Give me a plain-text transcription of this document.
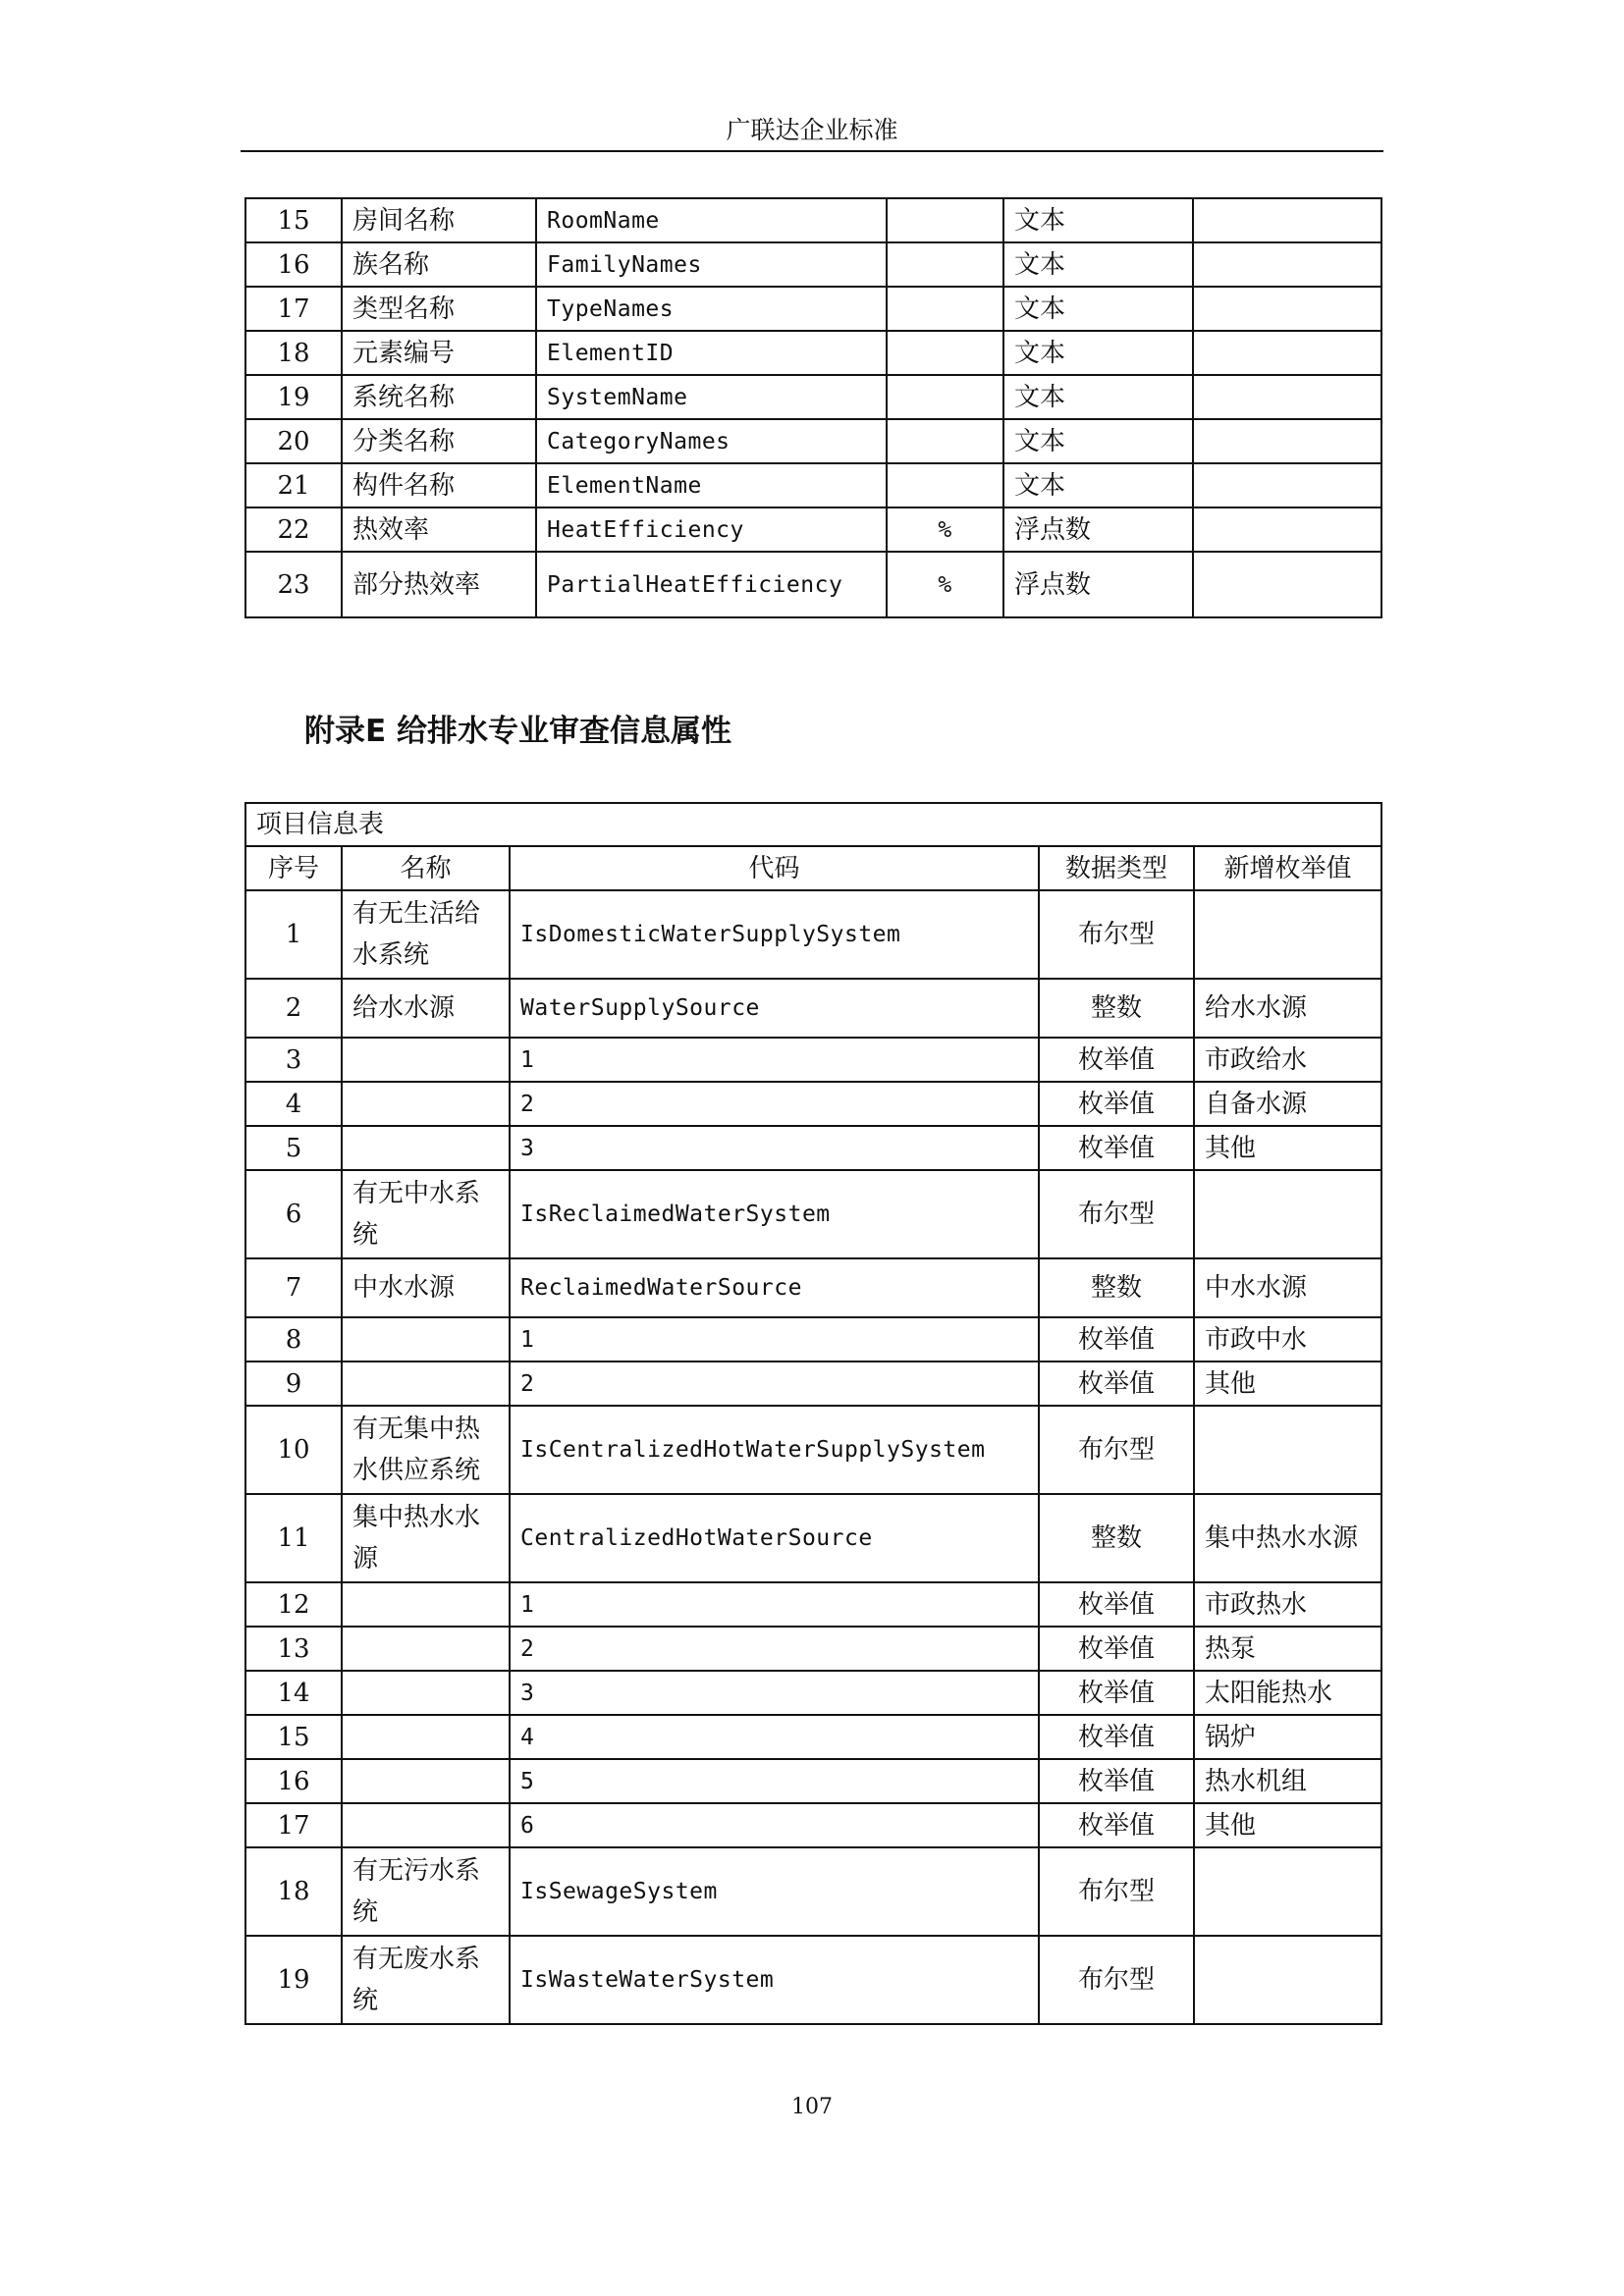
广联达企业标准
15	房间名称	RoomName		文本	
16	族名称	FamilyNames		文本	
17	类型名称	TypeNames		文本	
18	元素编号	ElementID		文本	
19	系统名称	SystemName		文本	
20	分类名称	CategoryNames		文本	
21	构件名称	ElementName		文本	
22	热效率	HeatEfficiency	%	浮点数	
23	部分热效率	PartialHeatEfficiency	%	浮点数	
附录E 给排水专业审查信息属性
项目信息表				
序号	名称	代码	数据类型	新增枚举值
1	有无生活给水系统	IsDomesticWaterSupplySystem	布尔型	
2	给水水源	WaterSupplySource	整数	给水水源
3		1	枚举值	市政给水
4		2	枚举值	自备水源
5		3	枚举值	其他
6	有无中水系统	IsReclaimedWaterSystem	布尔型	
7	中水水源	ReclaimedWaterSource	整数	中水水源
8		1	枚举值	市政中水
9		2	枚举值	其他
10	有无集中热水供应系统	IsCentralizedHotWaterSupplySystem	布尔型	
11	集中热水水源	CentralizedHotWaterSource	整数	集中热水水源
12		1	枚举值	市政热水
13		2	枚举值	热泵
14		3	枚举值	太阳能热水
15		4	枚举值	锅炉
16		5	枚举值	热水机组
17		6	枚举值	其他
18	有无污水系统	IsSewageSystem	布尔型	
19	有无废水系统	IsWasteWaterSystem	布尔型	
107
